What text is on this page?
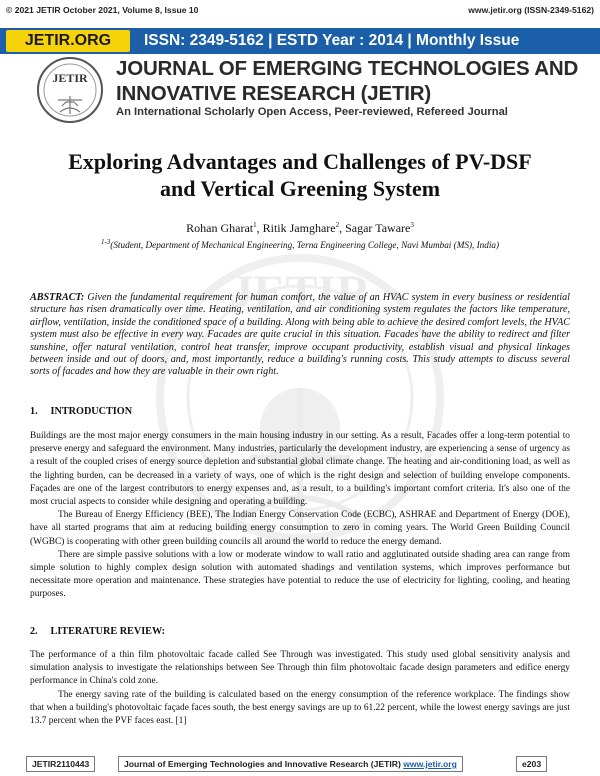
© 2021 JETIR October 2021, Volume 8, Issue 10	www.jetir.org (ISSN-2349-5162)
JETIR.ORG	ISSN: 2349-5162 | ESTD Year : 2014 | Monthly Issue
JETIR JOURNAL OF EMERGING TECHNOLOGIES AND
INNOVATIVE RESEARCH (JETIR)
An International Scholarly Open Access, Peer-reviewed, Refereed Journal
JETIR
Exploring Advantages and Challenges of PV-DSF
and Vertical Greening System
Rohan Gharat$^1$, Ritik Jamghare$^2$, Sagar Taware$^3$
$^{1-3}$(Student, Department of Mechanical Engineering, Terna Engineering College, Navi Mumbai (MS), India)
ABSTRACT: Given the fundamental requirement for human comfort, the value of an HVAC system in every business or residential structure has risen dramatically over time. Heating, ventilation, and air conditioning system regulates the factors like temperature, airflow, ventilation, inside the conditioned space of a building. Along with being able to achieve the desired comfort levels, the HVAC system must also be effective in every way. Facades are quite crucial in this situation. Facades have the ability to redirect and filter sunshine, offer natural ventilation, control heat transfer, improve occupant productivity, establish visual and physical linkages between inside and out of doors, and, most importantly, reduce a building's running costs. This study attempts to discuss several sorts of facades and how they are valuable in their own right.
1. INTRODUCTION

Buildings are the most major energy consumers in the main housing industry in our setting. As a result, Facades offer a long-term potential to preserve energy and safeguard the environment. Many industries, particularly the development industry, are experiencing a sense of urgency as a result of the coupled crises of energy source depletion and substantial global climate change. The heating and air-conditioning load, as well as the lighting burden, can be decreased in a variety of ways, one of which is the right design and selection of building envelope components. Façades are one of the largest contributors to energy expenses and, as a result, to a building's important comfort criteria. It's also one of the most crucial aspects to consider while designing and operating a building.

The Bureau of Energy Efficiency (BEE), The Indian Energy Conservation Code (ECBC), ASHRAE and Department of Energy (DOE), have all started programs that aim at reducing building energy consumption to zero in coming years. The World Green Building Council (WGBC) is cooperating with other green building councils all around the world to reduce the energy demand.

There are simple passive solutions with a low or moderate window to wall ratio and agglutinated outside shading area can range from simple solution to highly complex design solution with automated shadings and ventilation systems, which improves performance but necessitate more operation and maintenance. These strategies have potential to reduce the use of electricity for lighting, cooling, and heating purposes.

2. LITERATURE REVIEW:

The performance of a thin film photovoltaic facade called See Through was investigated. This study used global sensitivity analysis and simulation analysis to investigate the relationships between See Through thin film photovoltaic facade design parameters and edifice energy performance in China's cold zone.

The energy saving rate of the building is calculated based on the energy consumption of the reference workplace. The findings show that when a building's photovoltaic façade faces south, the best energy savings are up to 61.22 percent, while the lowest energy savings are just 13.7 percent when the PVF faces east. [1]

JETIR2110443	Journal of Emerging Technologies and Innovative Research (JETIR) www.jetir.org	e203
